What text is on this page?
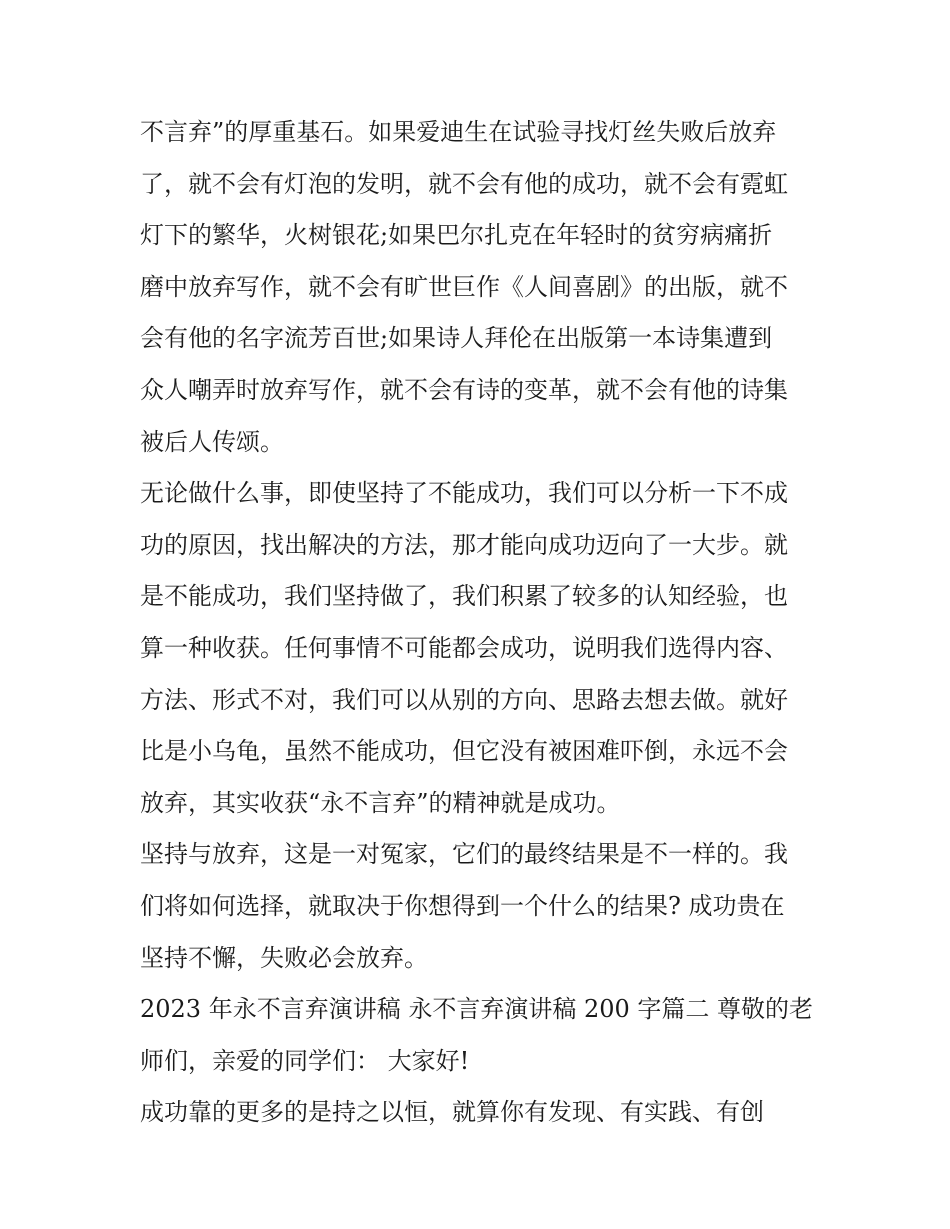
不言弃”的厚重基石。如果爱迪生在试验寻找灯丝失败后放弃
了，就不会有灯泡的发明，就不会有他的成功，就不会有霓虹
灯下的繁华，火树银花;如果巴尔扎克在年轻时的贫穷病痛折
磨中放弃写作，就不会有旷世巨作《人间喜剧》的出版，就不
会有他的名字流芳百世;如果诗人拜伦在出版第一本诗集遭到
众人嘲弄时放弃写作，就不会有诗的变革，就不会有他的诗集
被后人传颂。
无论做什么事，即使坚持了不能成功，我们可以分析一下不成
功的原因，找出解决的方法，那才能向成功迈向了一大步。就
是不能成功，我们坚持做了，我们积累了较多的认知经验，也
算一种收获。任何事情不可能都会成功，说明我们选得内容、
方法、形式不对，我们可以从别的方向、思路去想去做。就好
比是小乌龟，虽然不能成功，但它没有被困难吓倒，永远不会
放弃，其实收获“永不言弃”的精神就是成功。
坚持与放弃，这是一对冤家，它们的最终结果是不一样的。我
们将如何选择，就取决于你想得到一个什么的结果? 成功贵在
坚持不懈，失败必会放弃。
2023 年永不言弃演讲稿 永不言弃演讲稿 200 字篇二 尊敬的老
师们，亲爱的同学们： 大家好!
成功靠的更多的是持之以恒，就算你有发现、有实践、有创
